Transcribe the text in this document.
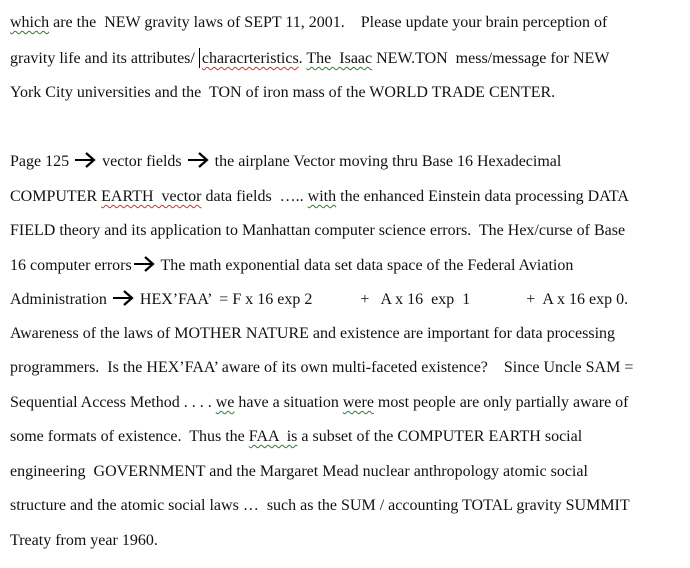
which are the  NEW gravity laws of SEPT 11, 2001.    Please update your brain perception of
gravity life and its attributes/ characrteristics. The  Isaac NEW.TON  mess/message for NEW
York City universities and the  TON of iron mass of the WORLD TRADE CENTER.
Page 125
vector fields
the airplane Vector moving thru Base 16 Hexadecimal
COMPUTER EARTH  vector data fields  ….. with the enhanced Einstein data processing DATA
FIELD theory and its application to Manhattan computer science errors.  The Hex/curse of Base
16 computer errors
The math exponential data set data space of the Federal Aviation
Administration
HEX’FAA’  = F x 16 exp 2            +   A x 16  exp  1              +  A x 16 exp 0.
Awareness of the laws of MOTHER NATURE and existence are important for data processing
programmers.  Is the HEX’FAA’ aware of its own multi-faceted existence?    Since Uncle SAM =
Sequential Access Method . . . . we have a situation were most people are only partially aware of
some formats of existence.  Thus the FAA  is a subset of the COMPUTER EARTH social
engineering  GOVERNMENT and the Margaret Mead nuclear anthropology atomic social
structure and the atomic social laws …  such as the SUM / accounting TOTAL gravity SUMMIT
Treaty from year 1960.
